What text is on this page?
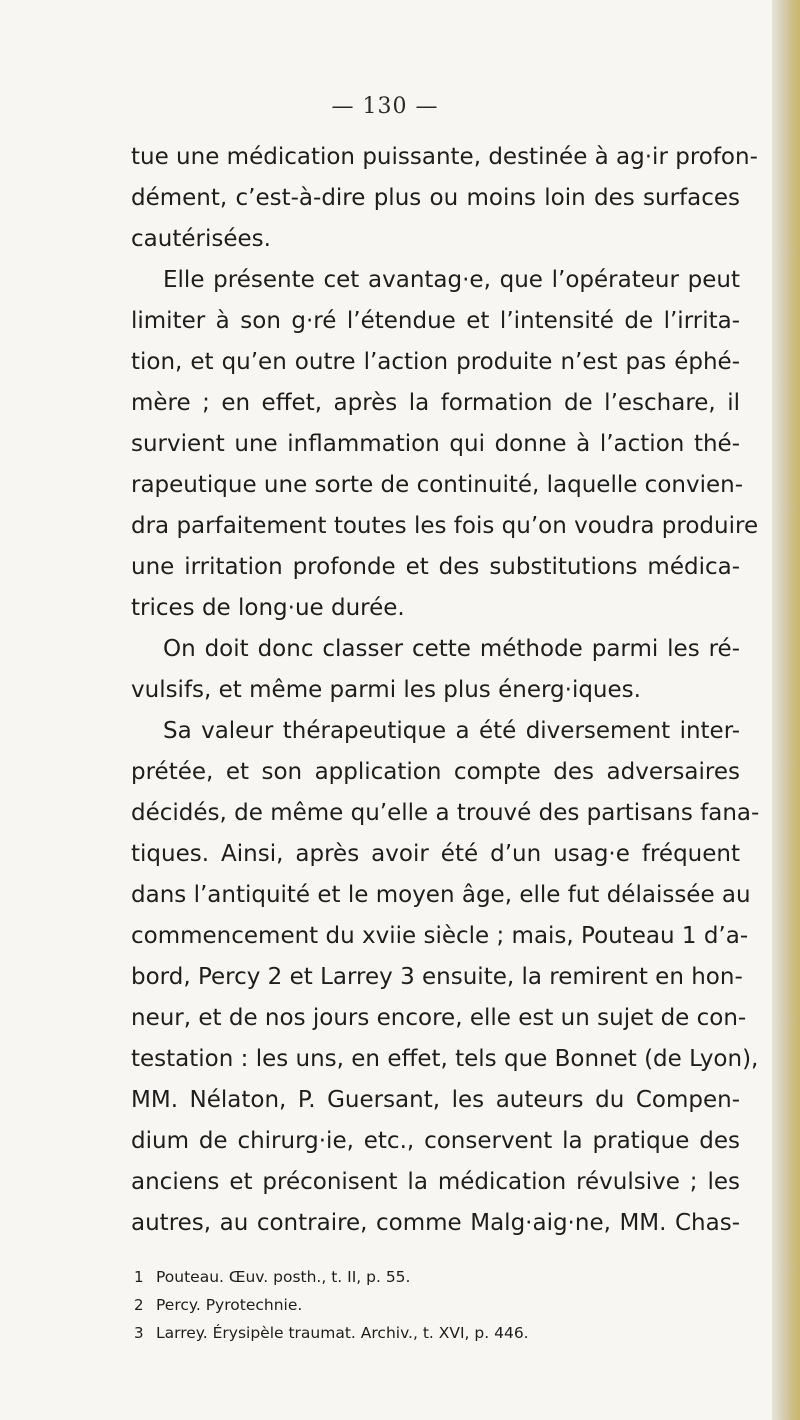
— 130 —
tue une médication puissante, destinée à ag·ir profon-
dément, c’est-à-dire plus ou moins loin des surfaces
cautérisées.
Elle présente cet avantag·e, que l’opérateur peut
limiter à son g·ré l’étendue et l’intensité de l’irrita-
tion, et qu’en outre l’action produite n’est pas éphé-
mère ; en effet, après la formation de l’eschare, il
survient une inflammation qui donne à l’action thé-
rapeutique une sorte de continuité, laquelle convien-
dra parfaitement toutes les fois qu’on voudra produire
une irritation profonde et des substitutions médica-
trices de long·ue durée.
On doit donc classer cette méthode parmi les ré-
vulsifs, et même parmi les plus énerg·iques.
Sa valeur thérapeutique a été diversement inter-
prétée, et son application compte des adversaires
décidés, de même qu’elle a trouvé des partisans fana-
tiques. Ainsi, après avoir été d’un usag·e fréquent
dans l’antiquité et le moyen âge, elle fut délaissée au
commencement du xviie siècle ; mais, Pouteau 1 d’a-
bord, Percy 2 et Larrey 3 ensuite, la remirent en hon-
neur, et de nos jours encore, elle est un sujet de con-
testation : les uns, en effet, tels que Bonnet (de Lyon),
MM. Nélaton, P. Guersant, les auteurs du Compen-
dium de chirurg·ie, etc., conservent la pratique des
anciens et préconisent la médication révulsive ; les
autres, au contraire, comme Malg·aig·ne, MM. Chas-
1 Pouteau. Œuv. posth., t. II, p. 55.
2 Percy. Pyrotechnie.
3 Larrey. Érysipèle traumat. Archiv., t. XVI, p. 446.
